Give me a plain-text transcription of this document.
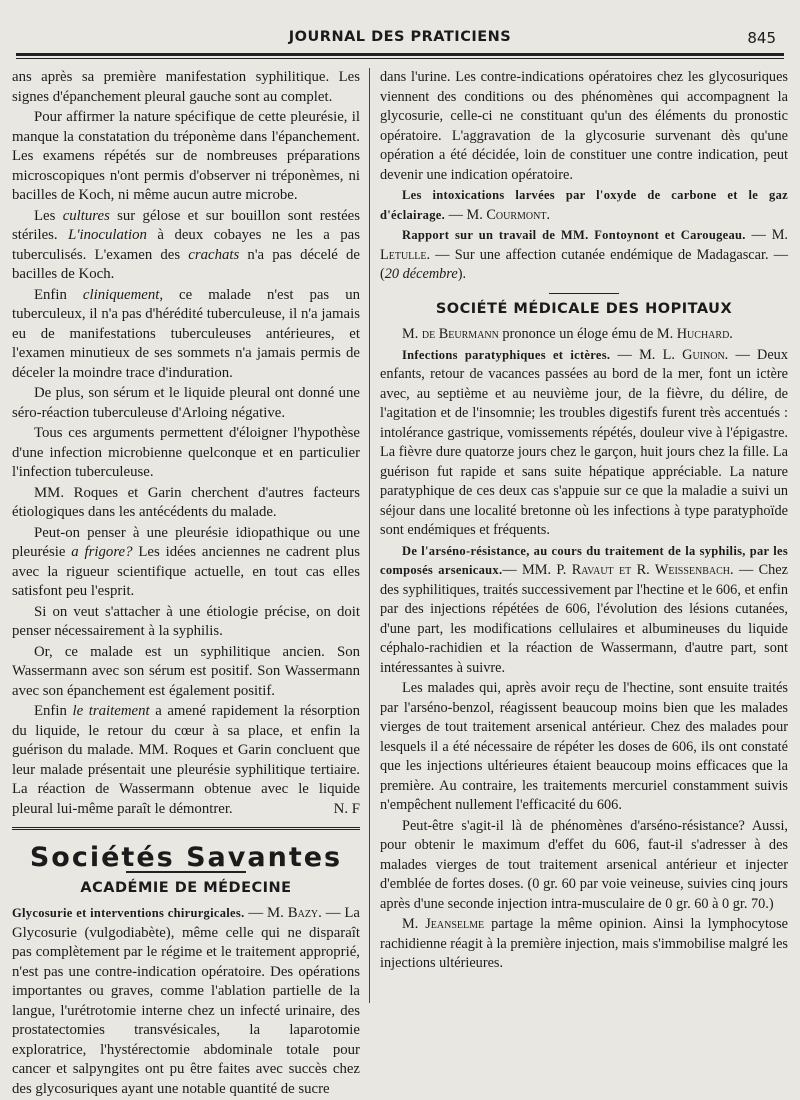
JOURNAL DES PRATICIENS	845

ans après sa première manifestation syphilitique. Les signes d'épanchement pleural gauche sont au complet.

Pour affirmer la nature spécifique de cette pleurésie, il manque la constatation du tréponème dans l'épanchement. Les examens répétés sur de nombreuses préparations microscopiques n'ont permis d'observer ni tréponèmes, ni bacilles de Koch, ni même aucun autre microbe.

Les cultures sur gélose et sur bouillon sont restées stériles. L'inoculation à deux cobayes ne les a pas tuberculisés. L'examen des crachats n'a pas décelé de bacilles de Koch.

Enfin cliniquement, ce malade n'est pas un tuberculeux, il n'a pas d'hérédité tuberculeuse, il n'a jamais eu de manifestations tuberculeuses antérieures, et l'examen minutieux de ses sommets n'a jamais permis de déceler la moindre trace d'induration.

De plus, son sérum et le liquide pleural ont donné une séro-réaction tuberculeuse d'Arloing négative.

Tous ces arguments permettent d'éloigner l'hypothèse d'une infection microbienne quelconque et en particulier l'infection tuberculeuse.

MM. Roques et Garin cherchent d'autres facteurs étiologiques dans les antécédents du malade.

Peut-on penser à une pleurésie idiopathique ou une pleurésie a frigore? Les idées anciennes ne cadrent plus avec la rigueur scientifique actuelle, en tout cas elles satisfont peu l'esprit.

Si on veut s'attacher à une étiologie précise, on doit penser nécessairement à la syphilis.

Or, ce malade est un syphilitique ancien. Son Wassermann avec son sérum est positif. Son Wassermann avec son épanchement est également positif.

Enfin le traitement a amené rapidement la résorption du liquide, le retour du cœur à sa place, et enfin la guérison du malade. MM. Roques et Garin concluent que leur malade présentait une pleurésie syphilitique tertiaire. La réaction de Wassermann obtenue avec le liquide pleural lui-même paraît le démontrer.	N. F

Sociétés Savantes
ACADÉMIE DE MÉDECINE

Glycosurie et interventions chirurgicales. — M. Bazy. — La Glycosurie (vulgodiabète), même celle qui ne disparaît pas complètement par le régime et le traitement approprié, n'est pas une contre-indication opératoire. Des opérations importantes ou graves, comme l'ablation partielle de la langue, l'urétrotomie interne chez un infecté urinaire, des prostatectomies transvésicales, la laparotomie exploratrice, l'hystérectomie abdominale totale pour cancer et salpyngites ont pu être faites avec succès chez des glycosuriques ayant une notable quantité de sucre

dans l'urine. Les contre-indications opératoires chez les glycosuriques viennent des conditions ou des phénomènes qui accompagnent la glycosurie, celle-ci ne constituant qu'un des éléments du pronostic opératoire. L'aggravation de la glycosurie survenant dès qu'une opération a été décidée, loin de constituer une contre indication, peut devenir une indication opératoire.

Les intoxications larvées par l'oxyde de carbone et le gaz d'éclairage. — M. Courmont.

Rapport sur un travail de MM. Fontoynont et Carougeau. — M. Letulle. — Sur une affection cutanée endémique de Madagascar. — (20 décembre).

SOCIÉTÉ MÉDICALE DES HOPITAUX

M. de Beurmann prononce un éloge ému de M. Huchard.

Infections paratyphiques et ictères. — M. L. Guinon. — Deux enfants, retour de vacances passées au bord de la mer, font un ictère avec, au septième et au neuvième jour, de la fièvre, du délire, de l'agitation et de l'insomnie; les troubles digestifs furent très accentués : intolérance gastrique, vomissements répétés, douleur vive à l'épigastre. La fièvre dure quatorze jours chez le garçon, huit jours chez la fille. La guérison fut rapide et sans suite hépatique appréciable. La nature paratyphique de ces deux cas s'appuie sur ce que la maladie a suivi un séjour dans une localité bretonne où les infections à type paratyphoïde sont endémiques et fréquents.

De l'arséno-résistance, au cours du traitement de la syphilis, par les composés arsenicaux.— MM. P. Ravaut et R. Weissenbach. — Chez des syphilitiques, traités successivement par l'hectine et le 606, et enfin par des injections répétées de 606, l'évolution des lésions cutanées, d'une part, les modifications cellulaires et albumineuses du liquide céphalo-rachidien et la réaction de Wassermann, d'autre part, sont intéressantes à suivre.

Les malades qui, après avoir reçu de l'hectine, sont ensuite traités par l'arséno-benzol, réagissent beaucoup moins bien que les malades vierges de tout traitement arsenical antérieur. Chez des malades pour lesquels il a été nécessaire de répéter les doses de 606, ils ont constaté que les injections ultérieures étaient beaucoup moins efficaces que la première. Au contraire, les traitements mercuriel constamment suivis n'empêchent nullement l'efficacité du 606.

Peut-être s'agit-il là de phénomènes d'arséno-résistance? Aussi, pour obtenir le maximum d'effet du 606, faut-il s'adresser à des malades vierges de tout traitement arsenical antérieur et injecter d'emblée de fortes doses. (0 gr. 60 par voie veineuse, suivies cinq jours après d'une seconde injection intra-musculaire de 0 gr. 60 à 0 gr. 70.)

M. Jeanselme partage la même opinion. Ainsi la lymphocytose rachidienne réagit à la première injection, mais s'immobilise malgré les injections ultérieures.
